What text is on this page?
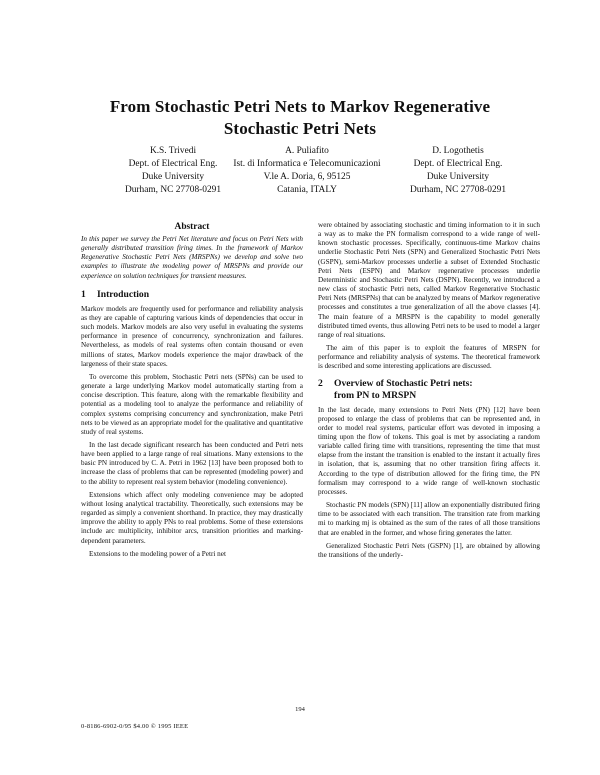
From Stochastic Petri Nets to Markov Regenerative
Stochastic Petri Nets
K.S. Trivedi
Dept. of Electrical Eng.
Duke University
Durham, NC 27708-0291
A. Puliafito
Ist. di Informatica e Telecomunicazioni
V.le A. Doria, 6, 95125
Catania, ITALY
D. Logothetis
Dept. of Electrical Eng.
Duke University
Durham, NC 27708-0291
Abstract

In this paper we survey the Petri Net literature and focus on Petri Nets with generally distributed transition firing times. In the framework of Markov Regenerative Stochastic Petri Nets (MRSPNs) we develop and solve two examples to illustrate the modeling power of MRSPNs and provide our experience on solution techniques for transient measures.

1 Introduction

Markov models are frequently used for performance and reliability analysis as they are capable of capturing various kinds of dependencies that occur in such models. Markov models are also very useful in evaluating the systems performance in presence of concurrency, synchronization and failures. Nevertheless, as models of real systems often contain thousand or even millions of states, Markov models experience the major drawback of the largeness of their state spaces.

To overcome this problem, Stochastic Petri nets (SPNs) can be used to generate a large underlying Markov model automatically starting from a concise description. This feature, along with the remarkable flexibility and potential as a modeling tool to analyze the performance and reliability of complex systems comprising concurrency and synchronization, make Petri nets to be viewed as an appropriate model for the qualitative and quantitative study of real systems.

In the last decade significant research has been conducted and Petri nets have been applied to a large range of real situations. Many extensions to the basic PN introduced by C. A. Petri in 1962 [13] have been proposed both to increase the class of problems that can be represented (modeling power) and to the ability to represent real system behavior (modeling convenience).

Extensions which affect only modeling convenience may be adopted without losing analytical tractability. Theoretically, such extensions may be regarded as simply a convenient shorthand. In practice, they may drastically improve the ability to apply PNs to real problems. Some of these extensions include arc multiplicity, inhibitor arcs, transition priorities and marking-dependent parameters.

Extensions to the modeling power of a Petri net

were obtained by associating stochastic and timing information to it in such a way as to make the PN formalism correspond to a wide range of well-known stochastic processes. Specifically, continuous-time Markov chains underlie Stochastic Petri Nets (SPN) and Generalized Stochastic Petri Nets (GSPN), semi-Markov processes underlie a subset of Extended Stochastic Petri Nets (ESPN) and Markov regenerative processes underlie Deterministic and Stochastic Petri Nets (DSPN). Recently, we introduced a new class of stochastic Petri nets, called Markov Regenerative Stochastic Petri Nets (MRSPNs) that can be analyzed by means of Markov regenerative processes and constitutes a true generalization of all the above classes [4]. The main feature of a MRSPN is the capability to model generally distributed timed events, thus allowing Petri nets to be used to model a larger range of real situations.

The aim of this paper is to exploit the features of MRSPN for performance and reliability analysis of systems. The theoretical framework is described and some interesting applications are discussed.

2	Overview of Stochastic Petri nets:
from PN to MRSPN

In the last decade, many extensions to Petri Nets (PN) [12] have been proposed to enlarge the class of problems that can be represented and, in order to model real systems, particular effort was devoted in imposing a timing upon the flow of tokens. This goal is met by associating a random variable called firing time with transitions, representing the time that must elapse from the instant the transition is enabled to the instant it actually fires in isolation, that is, assuming that no other transition firing affects it. According to the type of distribution allowed for the firing time, the PN formalism may correspond to a wide range of well-known stochastic processes.

Stochastic PN models (SPN) [11] allow an exponentially distributed firing time to be associated with each transition. The transition rate from marking mi to marking mj is obtained as the sum of the rates of all those transitions that are enabled in the former, and whose firing generates the latter.

Generalized Stochastic Petri Nets (GSPN) [1], are obtained by allowing the transitions of the underly-

194
0-8186-6902-0/95 $4.00 © 1995 IEEE
